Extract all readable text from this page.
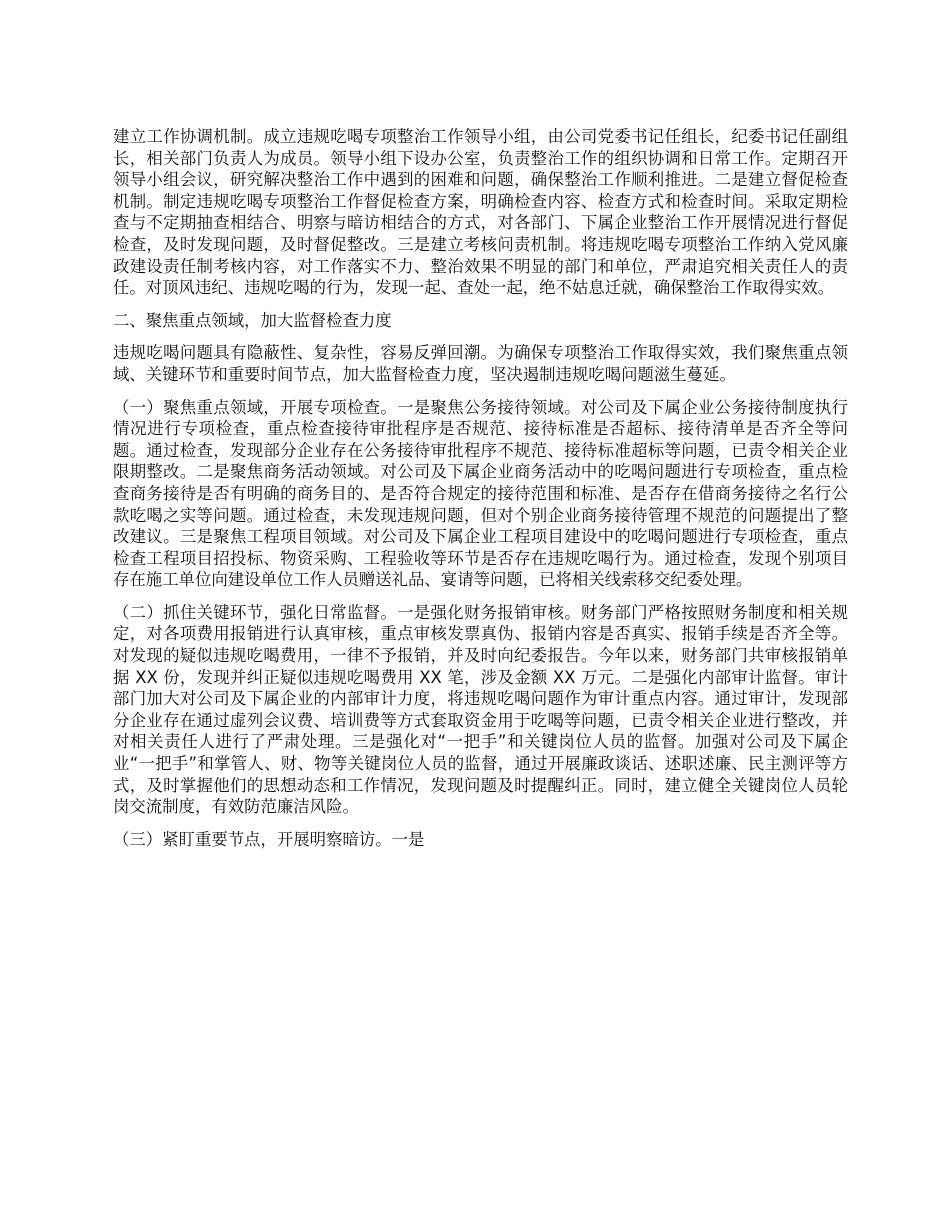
建立工作协调机制。成立违规吃喝专项整治工作领导小组，由公司党委书记任组长，纪委书记任副组长，相关部门负责人为成员。领导小组下设办公室，负责整治工作的组织协调和日常工作。定期召开领导小组会议，研究解决整治工作中遇到的困难和问题，确保整治工作顺利推进。二是建立督促检查机制。制定违规吃喝专项整治工作督促检查方案，明确检查内容、检查方式和检查时间。采取定期检查与不定期抽查相结合、明察与暗访相结合的方式，对各部门、下属企业整治工作开展情况进行督促检查，及时发现问题，及时督促整改。三是建立考核问责机制。将违规吃喝专项整治工作纳入党风廉政建设责任制考核内容，对工作落实不力、整治效果不明显的部门和单位，严肃追究相关责任人的责任。对顶风违纪、违规吃喝的行为，发现一起、查处一起，绝不姑息迁就，确保整治工作取得实效。

二、聚焦重点领域，加大监督检查力度

违规吃喝问题具有隐蔽性、复杂性，容易反弹回潮。为确保专项整治工作取得实效，我们聚焦重点领域、关键环节和重要时间节点，加大监督检查力度，坚决遏制违规吃喝问题滋生蔓延。

（一）聚焦重点领域，开展专项检查。一是聚焦公务接待领域。对公司及下属企业公务接待制度执行情况进行专项检查，重点检查接待审批程序是否规范、接待标准是否超标、接待清单是否齐全等问题。通过检查，发现部分企业存在公务接待审批程序不规范、接待标准超标等问题，已责令相关企业限期整改。二是聚焦商务活动领域。对公司及下属企业商务活动中的吃喝问题进行专项检查，重点检查商务接待是否有明确的商务目的、是否符合规定的接待范围和标准、是否存在借商务接待之名行公款吃喝之实等问题。通过检查，未发现违规问题，但对个别企业商务接待管理不规范的问题提出了整改建议。三是聚焦工程项目领域。对公司及下属企业工程项目建设中的吃喝问题进行专项检查，重点检查工程项目招投标、物资采购、工程验收等环节是否存在违规吃喝行为。通过检查，发现个别项目存在施工单位向建设单位工作人员赠送礼品、宴请等问题，已将相关线索移交纪委处理。

（二）抓住关键环节，强化日常监督。一是强化财务报销审核。财务部门严格按照财务制度和相关规定，对各项费用报销进行认真审核，重点审核发票真伪、报销内容是否真实、报销手续是否齐全等。对发现的疑似违规吃喝费用，一律不予报销，并及时向纪委报告。今年以来，财务部门共审核报销单据 XX 份，发现并纠正疑似违规吃喝费用 XX 笔，涉及金额 XX 万元。二是强化内部审计监督。审计部门加大对公司及下属企业的内部审计力度，将违规吃喝问题作为审计重点内容。通过审计，发现部分企业存在通过虚列会议费、培训费等方式套取资金用于吃喝等问题，已责令相关企业进行整改，并对相关责任人进行了严肃处理。三是强化对“一把手”和关键岗位人员的监督。加强对公司及下属企业“一把手”和掌管人、财、物等关键岗位人员的监督，通过开展廉政谈话、述职述廉、民主测评等方式，及时掌握他们的思想动态和工作情况，发现问题及时提醒纠正。同时，建立健全关键岗位人员轮岗交流制度，有效防范廉洁风险。

（三）紧盯重要节点，开展明察暗访。一是
